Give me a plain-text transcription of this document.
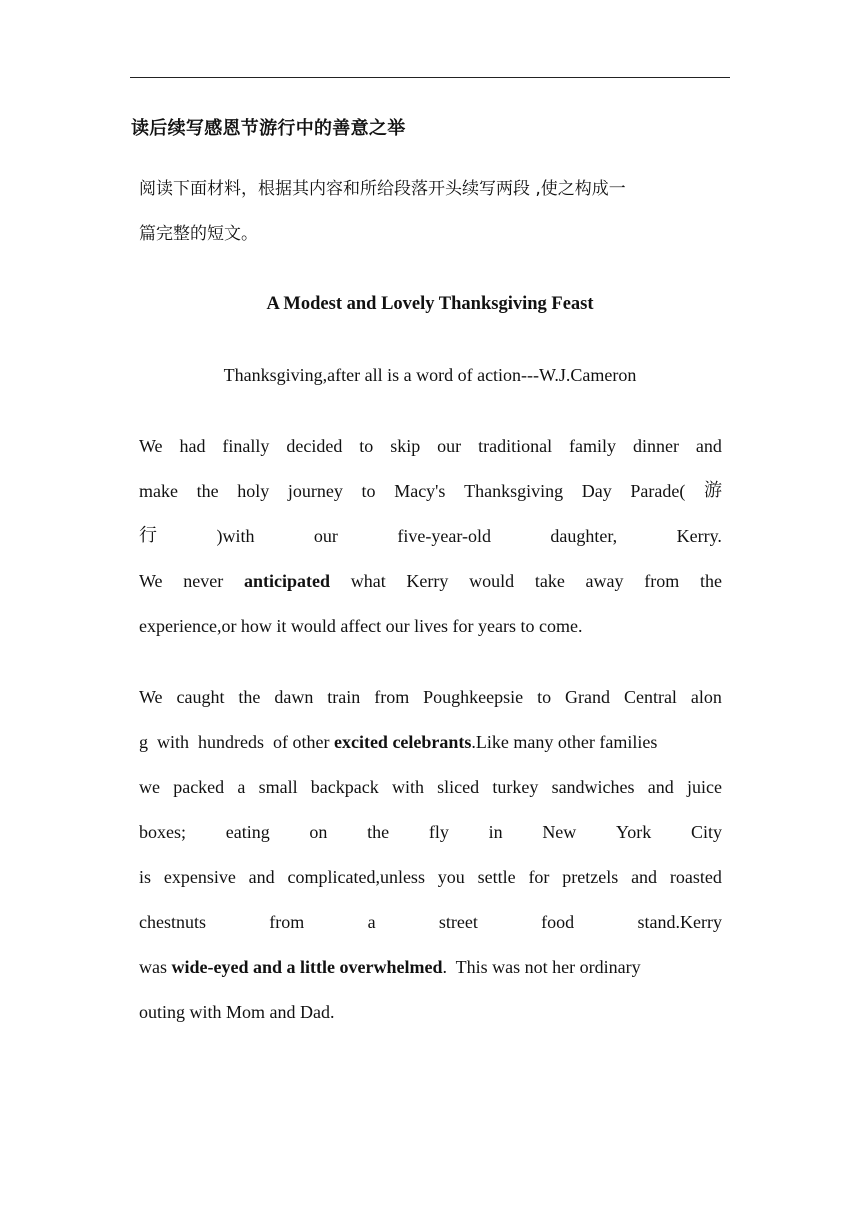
读后续写感恩节游行中的善意之举
阅读下面材料，根据其内容和所给段落开头续写两段 ,使之构成一
篇完整的短文。
A Modest and Lovely Thanksgiving Feast
Thanksgiving,after all is a word of action---W.J.Cameron
We had finally decided to skip our traditional family dinner and
make the holy journey to Macy's Thanksgiving Day Parade( 游
行	)with	our	five-year-old	daughter,	Kerry.
We never anticipated what Kerry would take away from the
experience,or how it would affect our lives for years to come.
We caught the dawn train from Poughkeepsie to Grand Central alon
g  with  hundreds  of other excited celebrants .Like many other families
we packed a small backpack with sliced turkey sandwiches and juice
boxes; eating on the fly in New York City
is expensive and complicated,unless you settle for pretzels and roasted
chestnuts	from	a	street	food	stand.Kerry
was wide-eyed and a little overwhelmed.  This was not her ordinary
outing with Mom and Dad.
